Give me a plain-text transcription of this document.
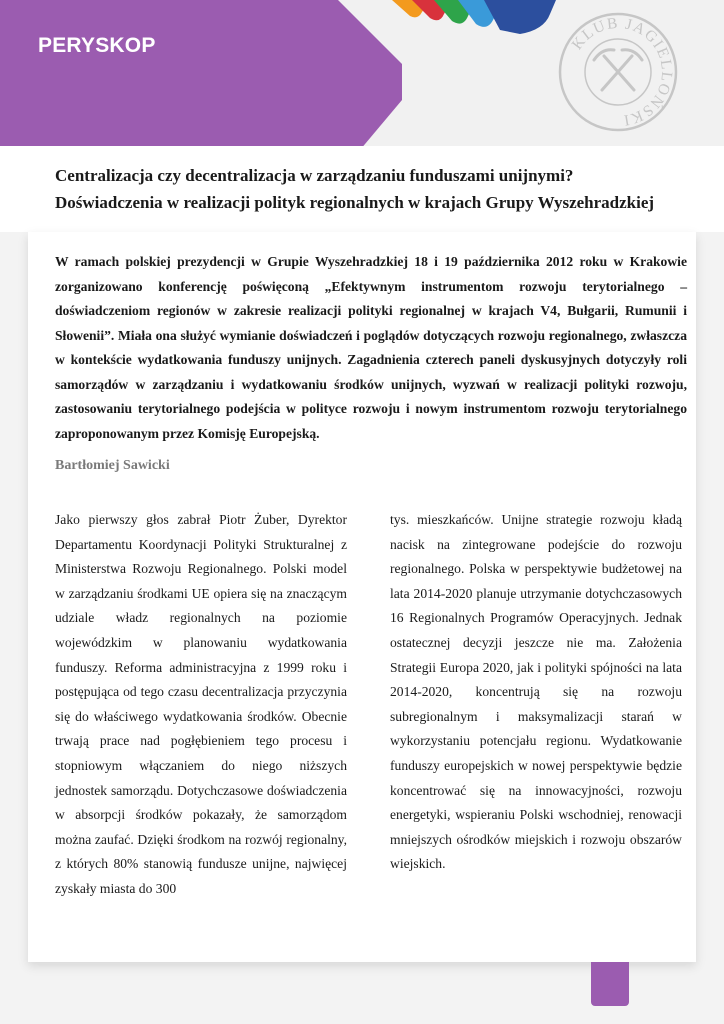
PERYSKOP	KLUB JAGIELLOŃSKI
Centralizacja czy decentralizacja w zarządzaniu funduszami unijnymi?
Doświadczenia w realizacji polityk regionalnych w krajach Grupy Wyszehradzkiej

W ramach polskiej prezydencji w Grupie Wyszehradzkiej 18 i 19 października 2012 roku w Krakowie zorganizowano konferencję poświęconą „Efektywnym instrumentom rozwoju terytorialnego – doświadczeniom regionów w zakresie realizacji polityki regionalnej w krajach V4, Bułgarii, Rumunii i Słowenii”. Miała ona służyć wymianie doświadczeń i poglądów dotyczących rozwoju regionalnego, zwłaszcza w kontekście wydatkowania funduszy unijnych. Zagadnienia czterech paneli dyskusyjnych dotyczyły roli samorządów w zarządzaniu i wydatkowaniu środków unijnych, wyzwań w realizacji polityki rozwoju, zastosowaniu terytorialnego podejścia w polityce rozwoju i nowym instrumentom rozwoju terytorialnego zaproponowanym przez Komisję Europejską.

Bartłomiej Sawicki

Jako pierwszy głos zabrał Piotr Żuber, Dyrektor Departamentu Koordynacji Polityki Strukturalnej z Ministerstwa Rozwoju Regionalnego. Polski model w zarządzaniu środkami UE opiera się na znaczącym udziale władz regionalnych na poziomie wojewódzkim w planowaniu wydatkowania funduszy. Reforma administracyjna z 1999 roku i postępująca od tego czasu decentralizacja przyczynia się do właściwego wydatkowania środków. Obecnie trwają prace nad pogłębieniem tego procesu i stopniowym włączaniem do niego niższych jednostek samorządu. Dotychczasowe doświadczenia w absorpcji środków pokazały, że samorządom można zaufać. Dzięki środkom na rozwój regionalny, z których 80% stanowią fundusze unijne, najwięcej zyskały miasta do 300

tys. mieszkańców. Unijne strategie rozwoju kładą nacisk na zintegrowane podejście do rozwoju regionalnego. Polska w perspektywie budżetowej na lata 2014-2020 planuje utrzymanie dotychczasowych 16 Regionalnych Programów Operacyjnych. Jednak ostatecznej decyzji jeszcze nie ma. Założenia Strategii Europa 2020, jak i polityki spójności na lata 2014-2020, koncentrują się na rozwoju subregionalnym i maksymalizacji starań w wykorzystaniu potencjału regionu. Wydatkowanie funduszy europejskich w nowej perspektywie będzie koncentrować się na innowacyjności, rozwoju energetyki, wspieraniu Polski wschodniej, renowacji mniejszych ośrodków miejskich i rozwoju obszarów wiejskich.
